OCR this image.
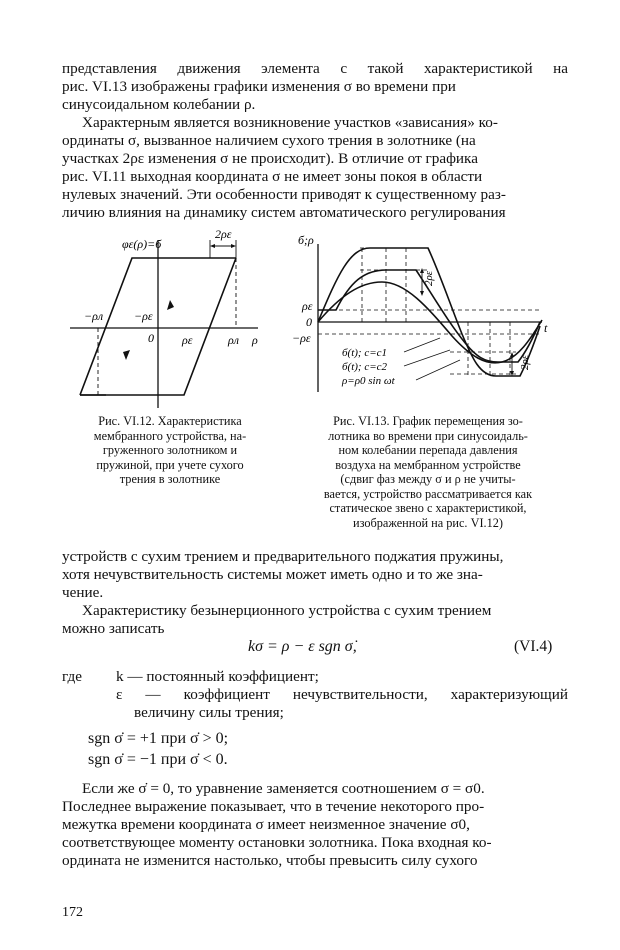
представления движения элемента с такой характеристикой на
рис. VI.13 изображены графики изменения σ во времени при
синусоидальном колебании ρ.
Характерным является возникновение участков «зависания» ко-
ординаты σ, вызванное наличием сухого трения в золотнике (на
участках 2ρε изменения σ не происходит). В отличие от графика
рис. VI.11 выходная координата σ не имеет зоны покоя в области
нулевых значений. Эти особенности приводят к существенному раз-
личию влияния на динамику систем автоматического регулирования
φε(ρ)=б
2ρε
−ρл	−ρε
0 ρε	ρл ρ
Рис. VI.12. Характеристика
мембранного устройства, на-
груженного золотником и
пружиной, при учете сухого
трения в золотнике
б;ρ
2ρε
2ρε
ρε
0
−ρε
t
б(t); c=c1
б(t); c=c2
ρ=ρ0 sin ωt
Рис. VI.13. График перемещения зо-
лотника во времени при синусоидаль-
ном колебании перепада давления
воздуха на мембранном устройстве
(сдвиг фаз между σ и ρ не учиты-
вается, устройство рассматривается как
статическое звено с характеристикой,
изображенной на рис. VI.12)
устройств с сухим трением и предварительного поджатия пружины,
хотя нечувствительность системы может иметь одно и то же зна-
чение.
Характеристику безынерционного устройства с сухим трением
можно записать
kσ = ρ − ε sgn σ̇,	(VI.4)
где k — постоянный коэффициент;
ε — коэффициент нечувствительности, характеризующий
величину силы трения;
sgn σ̇ = +1 при σ̇ > 0;
sgn σ̇ = −1 при σ̇ < 0.
Если же σ̇ = 0, то уравнение заменяется соотношением σ = σ0.
Последнее выражение показывает, что в течение некоторого про-
межутка времени координата σ имеет неизменное значение σ0,
соответствующее моменту остановки золотника. Пока входная ко-
ордината не изменится настолько, чтобы превысить силу сухого
172
